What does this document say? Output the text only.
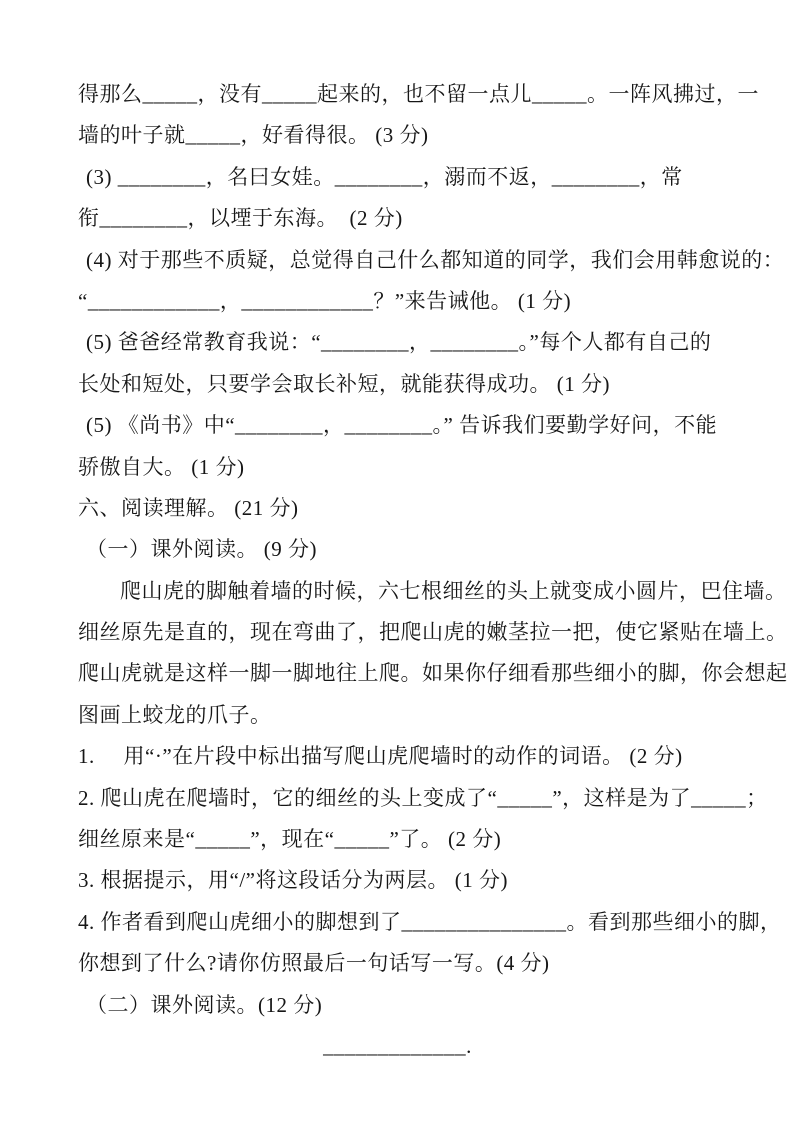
得那么_____，没有_____起来的，也不留一点儿_____。一阵风拂过，一
墙的叶子就_____，好看得很。 (3 分)
(3) ________，名曰女娃。________，溺而不返，________，常
衔________，以堙于东海。  (2 分)
(4) 对于那些不质疑，总觉得自己什么都知道的同学，我们会用韩愈说的：
“____________，____________？”来告诫他。 (1 分)
(5) 爸爸经常教育我说：“________，________。”每个人都有自己的
长处和短处，只要学会取长补短，就能获得成功。 (1 分)
(5) 《尚书》中“________，________。” 告诉我们要勤学好问，不能
骄傲自大。 (1 分)
六、阅读理解。 (21 分)
（一）课外阅读。 (9 分)
爬山虎的脚触着墙的时候，六七根细丝的头上就变成小圆片，巴住墙。
细丝原先是直的，现在弯曲了，把爬山虎的嫩茎拉一把，使它紧贴在墙上。
爬山虎就是这样一脚一脚地往上爬。如果你仔细看那些细小的脚，你会想起
图画上蛟龙的爪子。
1.     用“·”在片段中标出描写爬山虎爬墙时的动作的词语。 (2 分)
2. 爬山虎在爬墙时，它的细丝的头上变成了“_____”，这样是为了_____；
细丝原来是“_____”，现在“_____”了。 (2 分)
3. 根据提示，用“/”将这段话分为两层。 (1 分)
4. 作者看到爬山虎细小的脚想到了_______________。看到那些细小的脚，
你想到了什么?请你仿照最后一句话写一写。(4 分)
（二）课外阅读。(12 分)
_____________.
